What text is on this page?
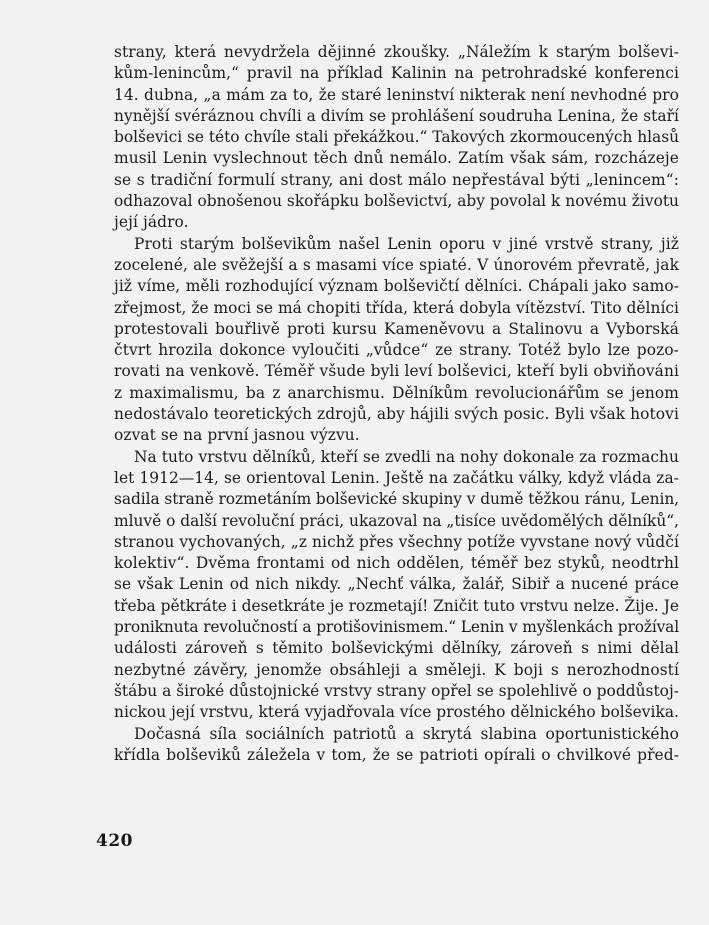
strany, která nevydržela dějinné zkoušky. „Náležím k starým bolševi-
kům-lenincům,“ pravil na příklad Kalinin na petrohradské konferenci
14. dubna, „a mám za to, že staré leninství nikterak není nevhodné pro
nynější svéráznou chvíli a divím se prohlášení soudruha Lenina, že staří
bolševici se této chvíle stali překážkou.“ Takových zkormoucených hlasů
musil Lenin vyslechnout těch dnů nemálo. Zatím však sám, rozcházeje
se s tradiční formulí strany, ani dost málo nepřestával býti „lenincem“:
odhazoval obnošenou skořápku bolševictví, aby povolal k novému životu
její jádro.
Proti starým bolševikům našel Lenin oporu v jiné vrstvě strany, již
zocelené, ale svěžejší a s masami více spiaté. V únorovém převratě, jak
již víme, měli rozhodující význam bolševičtí dělníci. Chápali jako samo-
zřejmost, že moci se má chopiti třída, která dobyla vítězství. Tito dělníci
protestovali bouřlivě proti kursu Kameněvovu a Stalinovu a Vyborská
čtvrt hrozila dokonce vyloučiti „vůdce“ ze strany. Totéž bylo lze pozo-
rovati na venkově. Téměř všude byli leví bolševici, kteří byli obviňováni
z maximalismu, ba z anarchismu. Dělníkům revolucionářům se jenom
nedostávalo teoretických zdrojů, aby hájili svých posic. Byli však hotovi
ozvat se na první jasnou výzvu.
Na tuto vrstvu dělníků, kteří se zvedli na nohy dokonale za rozmachu
let 1912—14, se orientoval Lenin. Ještě na začátku války, když vláda za-
sadila straně rozmetáním bolševické skupiny v dumě těžkou ránu, Lenin,
mluvě o další revoluční práci, ukazoval na „tisíce uvědomělých dělníků“,
stranou vychovaných, „z nichž přes všechny potíže vyvstane nový vůdčí
kolektiv“. Dvěma frontami od nich oddělen, téměř bez styků, neodtrhl
se však Lenin od nich nikdy. „Nechť válka, žalář, Sibiř a nucené práce
třeba pětkráte i desetkráte je rozmetají! Zničit tuto vrstvu nelze. Žije. Je
proniknuta revolučností a protišovinismem.“ Lenin v myšlenkách prožíval
události zároveň s těmito bolševickými dělníky, zároveň s nimi dělal
nezbytné závěry, jenomže obsáhleji a směleji. K boji s nerozhodností
štábu a široké důstojnické vrstvy strany opřel se spolehlivě o poddůstoj-
nickou její vrstvu, která vyjadřovala více prostého dělnického bolševika.
Dočasná síla sociálních patriotů a skrytá slabina oportunistického
křídla bolševiků záležela v tom, že se patrioti opírali o chvilkové před-
420
